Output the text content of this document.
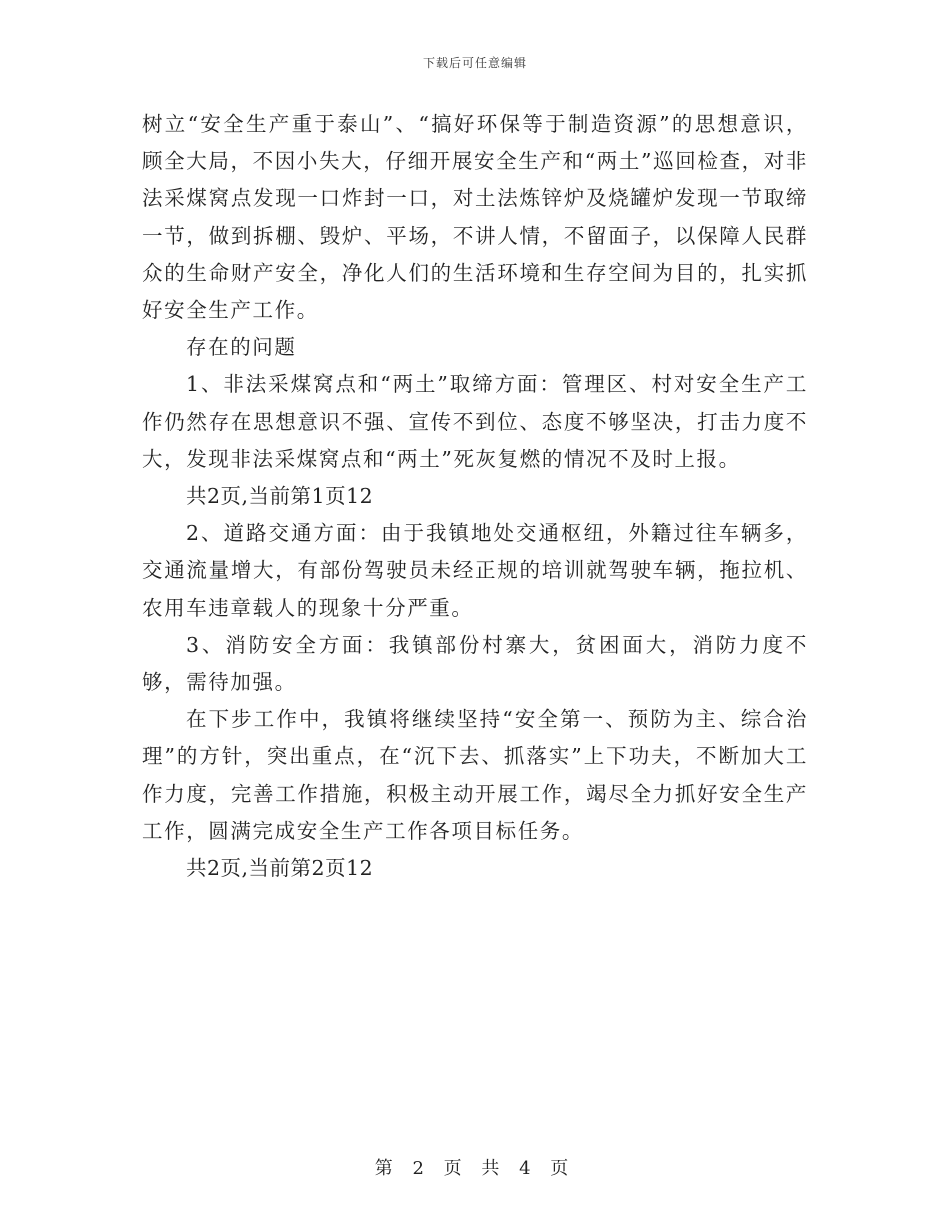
下载后可任意编辑

树立“安全生产重于泰山”、“搞好环保等于制造资源”的思想意识，顾全大局，不因小失大，仔细开展安全生产和“两土”巡回检查，对非法采煤窝点发现一口炸封一口，对土法炼锌炉及烧罐炉发现一节取缔一节，做到拆棚、毁炉、平场，不讲人情，不留面子，以保障人民群众的生命财产安全，净化人们的生活环境和生存空间为目的，扎实抓好安全生产工作。

存在的问题

1、非法采煤窝点和“两土”取缔方面：管理区、村对安全生产工作仍然存在思想意识不强、宣传不到位、态度不够坚决，打击力度不大，发现非法采煤窝点和“两土”死灰复燃的情况不及时上报。

共2页,当前第1页12

2、道路交通方面：由于我镇地处交通枢纽，外籍过往车辆多，交通流量增大，有部份驾驶员未经正规的培训就驾驶车辆，拖拉机、农用车违章载人的现象十分严重。

3、消防安全方面：我镇部份村寨大，贫困面大，消防力度不够，需待加强。

在下步工作中，我镇将继续坚持“安全第一、预防为主、综合治理”的方针，突出重点，在“沉下去、抓落实”上下功夫，不断加大工作力度，完善工作措施，积极主动开展工作，竭尽全力抓好安全生产工作，圆满完成安全生产工作各项目标任务。

共2页,当前第2页12

第 2 页 共 4 页
